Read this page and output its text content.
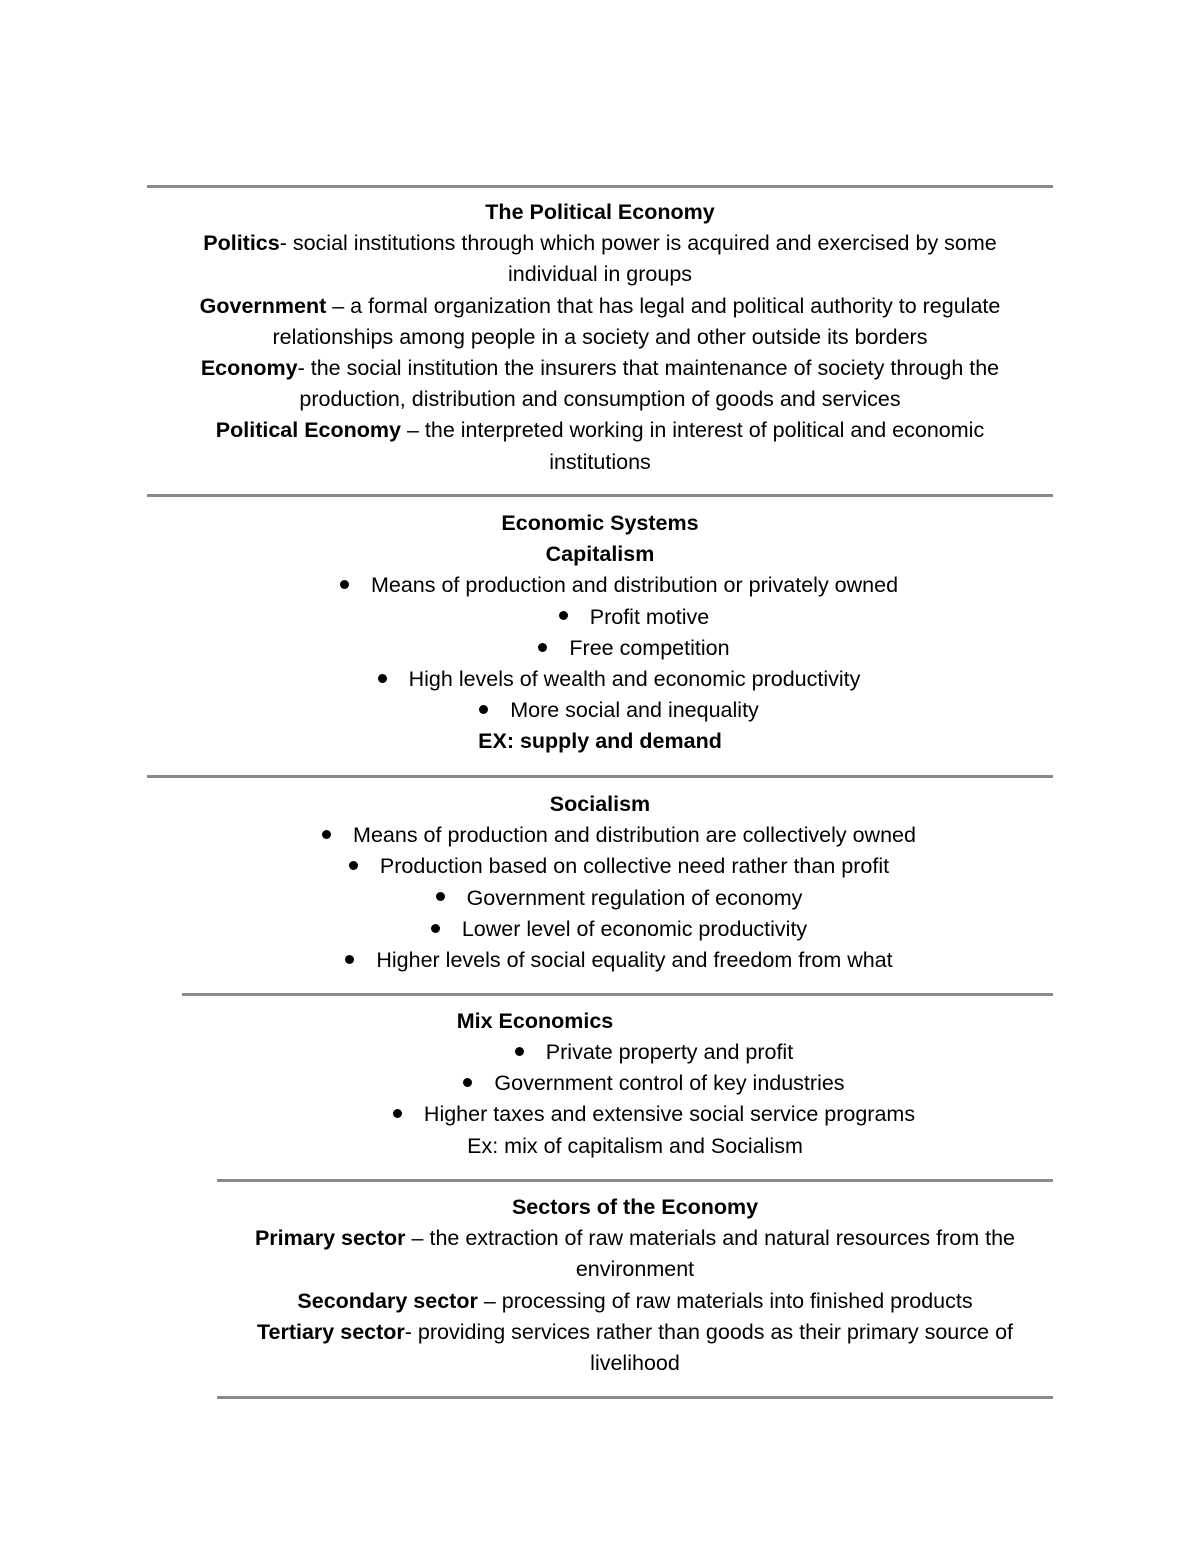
The Political Economy

Politics- social institutions through which power is acquired and exercised by some individual in groups

Government – a formal organization that has legal and political authority to regulate relationships among people in a society and other outside its borders

Economy- the social institution the insurers that maintenance of society through the production, distribution and consumption of goods and services

Political Economy – the interpreted working in interest of political and economic institutions

Economic Systems

Capitalism

Means of production and distribution or privately owned
Profit motive
Free competition
High levels of wealth and economic productivity
More social and inequality

EX: supply and demand

Socialism

Means of production and distribution are collectively owned
Production based on collective need rather than profit
Government regulation of economy
Lower level of economic productivity
Higher levels of social equality and freedom from what

Mix Economics

Private property and profit
Government control of key industries
Higher taxes and extensive social service programs

Ex: mix of capitalism and Socialism

Sectors of the Economy

Primary sector – the extraction of raw materials and natural resources from the environment

Secondary sector – processing of raw materials into finished products

Tertiary sector- providing services rather than goods as their primary source of livelihood
